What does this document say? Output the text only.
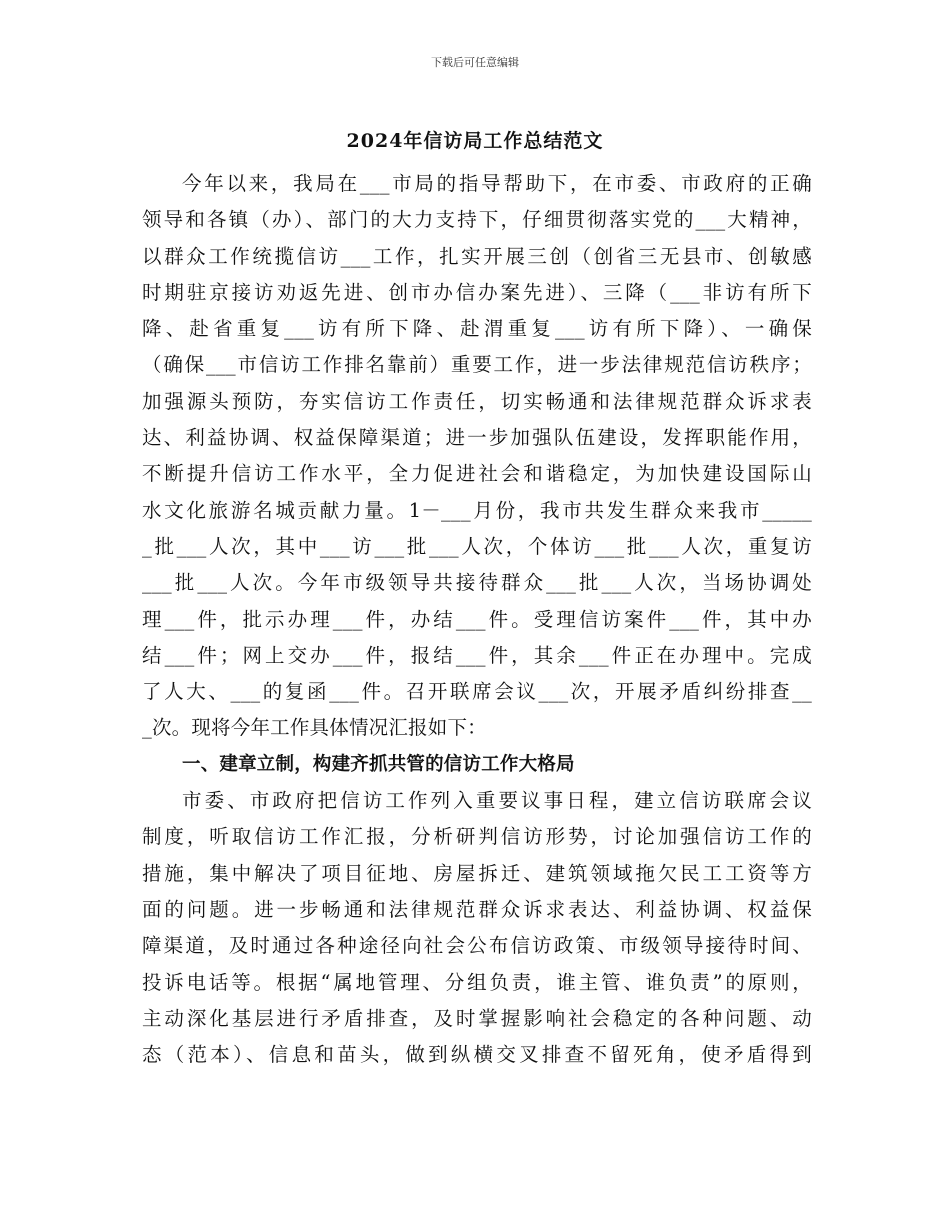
下载后可任意编辑
2024年信访局工作总结范文
今年以来，我局在___市局的指导帮助下，在市委、市政府的正确
领导和各镇（办）、部门的大力支持下，仔细贯彻落实党的___大精神，
以群众工作统揽信访___工作，扎实开展三创（创省三无县市、创敏感
时期驻京接访劝返先进、创市办信办案先进）、三降（___非访有所下
降、赴省重复___访有所下降、赴渭重复___访有所下降）、一确保
（确保___市信访工作排名靠前）重要工作，进一步法律规范信访秩序；
加强源头预防，夯实信访工作责任，切实畅通和法律规范群众诉求表
达、利益协调、权益保障渠道；进一步加强队伍建设，发挥职能作用，
不断提升信访工作水平，全力促进社会和谐稳定，为加快建设国际山
水文化旅游名城贡献力量。1－___月份，我市共发生群众来我市_____
_批___人次，其中___访___批___人次，个体访___批___人次，重复访
___批___人次。今年市级领导共接待群众___批___人次，当场协调处
理___件，批示办理___件，办结___件。受理信访案件___件，其中办
结___件；网上交办___件，报结___件，其余___件正在办理中。完成
了人大、___的复函___件。召开联席会议___次，开展矛盾纠纷排查__
_次。现将今年工作具体情况汇报如下：
一、建章立制，构建齐抓共管的信访工作大格局
市委、市政府把信访工作列入重要议事日程，建立信访联席会议
制度，听取信访工作汇报，分析研判信访形势，讨论加强信访工作的
措施，集中解决了项目征地、房屋拆迁、建筑领域拖欠民工工资等方
面的问题。进一步畅通和法律规范群众诉求表达、利益协调、权益保
障渠道，及时通过各种途径向社会公布信访政策、市级领导接待时间、
投诉电话等。根据“属地管理、分组负责，谁主管、谁负责”的原则，
主动深化基层进行矛盾排查，及时掌握影响社会稳定的各种问题、动
态（范本）、信息和苗头，做到纵横交叉排查不留死角，使矛盾得到
